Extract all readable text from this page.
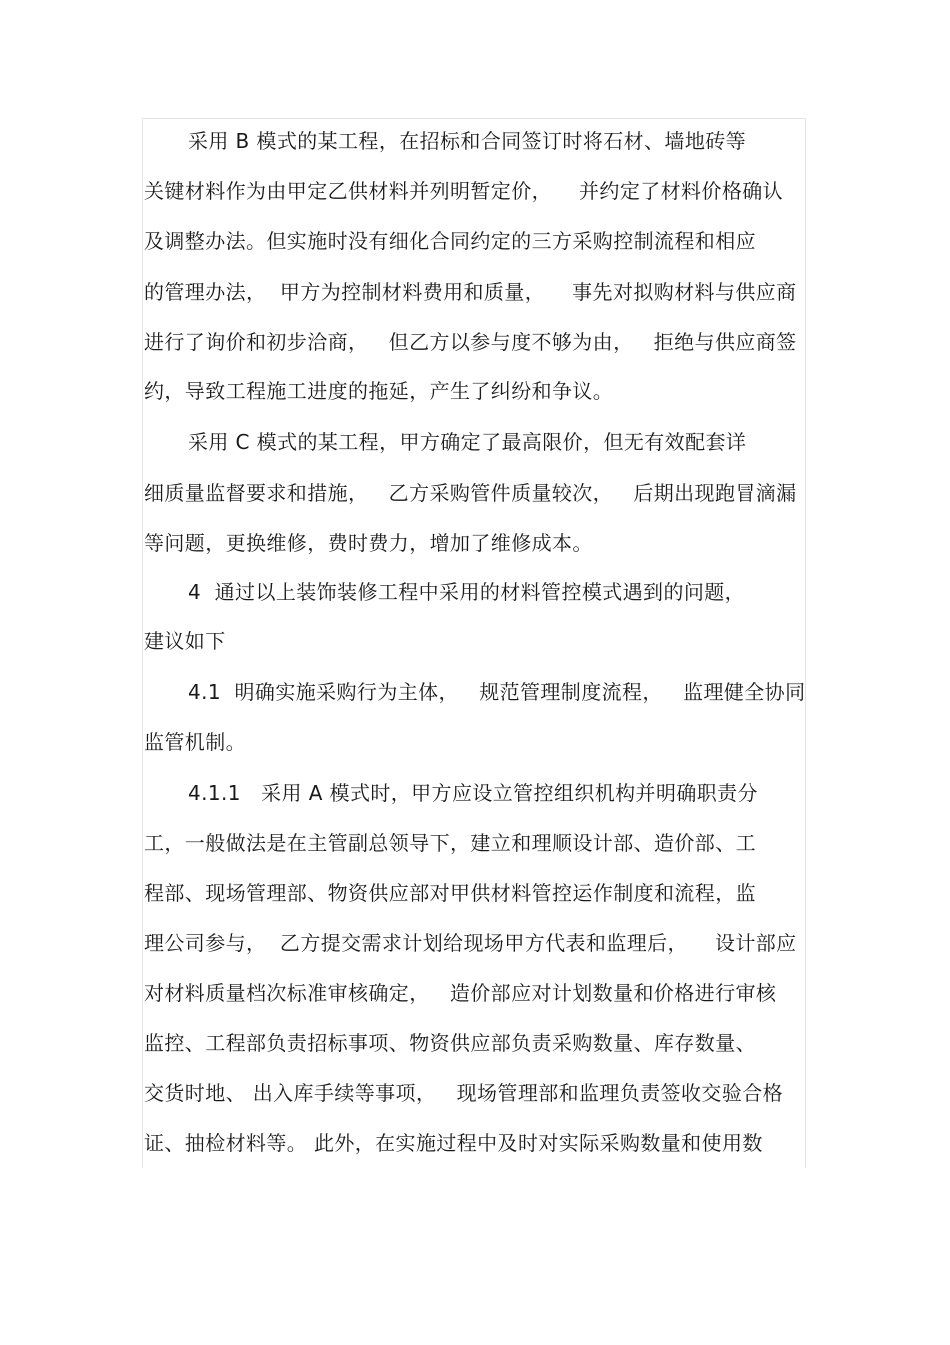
采用 B 模式的某工程，在招标和合同签订时将石材、墙地砖等
关键材料作为由甲定乙供材料并列明暂定价，    并约定了材料价格确认
及调整办法。但实施时没有细化合同约定的三方采购控制流程和相应
的管理办法，  甲方为控制材料费用和质量，    事先对拟购材料与供应商
进行了询价和初步洽商，   但乙方以参与度不够为由，   拒绝与供应商签
约，导致工程施工进度的拖延，产生了纠纷和争议。
采用 C 模式的某工程，甲方确定了最高限价，但无有效配套详
细质量监督要求和措施，   乙方采购管件质量较次，   后期出现跑冒滴漏
等问题，更换维修，费时费力，增加了维修成本。
4  通过以上装饰装修工程中采用的材料管控模式遇到的问题，
建议如下
4.1  明确实施采购行为主体，   规范管理制度流程，   监理健全协同
监管机制。
4.1.1   采用 A 模式时，甲方应设立管控组织机构并明确职责分
工，一般做法是在主管副总领导下，建立和理顺设计部、造价部、工
程部、现场管理部、物资供应部对甲供材料管控运作制度和流程，监
理公司参与，  乙方提交需求计划给现场甲方代表和监理后，    设计部应
对材料质量档次标准审核确定，   造价部应对计划数量和价格进行审核
监控、工程部负责招标事项、物资供应部负责采购数量、库存数量、
交货时地、 出入库手续等事项，   现场管理部和监理负责签收交验合格
证、抽检材料等。 此外，在实施过程中及时对实际采购数量和使用数
